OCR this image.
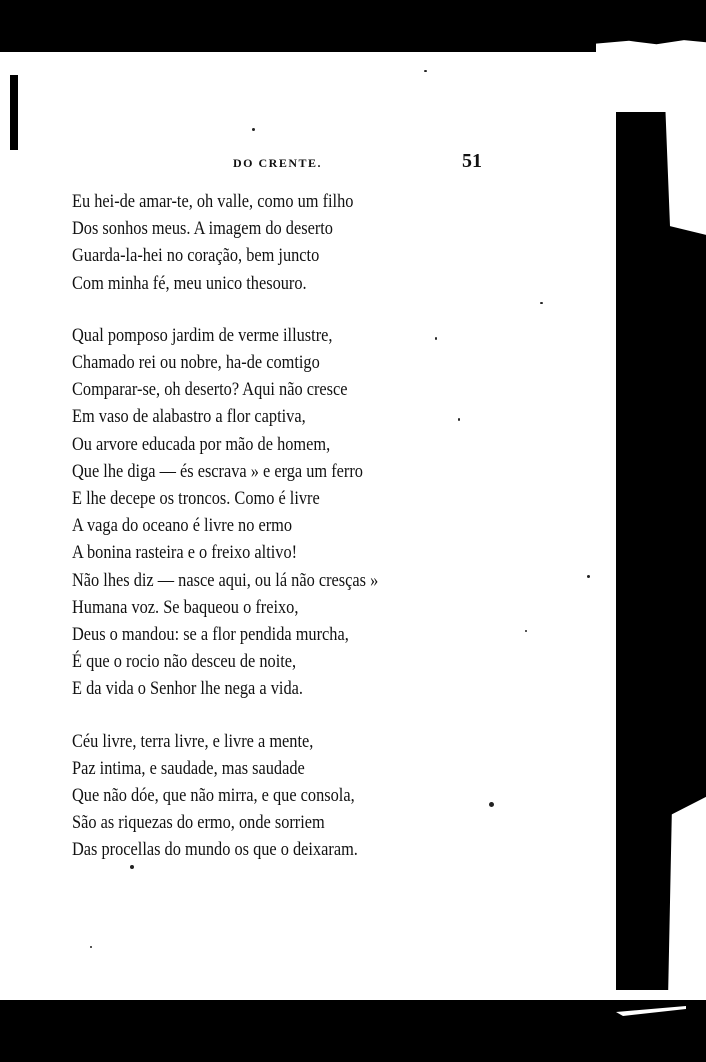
DO CRENTE.	51
Eu hei-de amar-te, oh valle, como um filho
Dos sonhos meus. A imagem do deserto
Guarda-la-hei no coração, bem juncto
Com minha fé, meu unico thesouro.
Qual pomposo jardim de verme illustre,
Chamado rei ou nobre, ha-de comtigo
Comparar-se, oh deserto? Aqui não cresce
Em vaso de alabastro a flor captiva,
Ou arvore educada por mão de homem,
Que lhe diga — és escrava » e erga um ferro
E lhe decepe os troncos. Como é livre
A vaga do oceano é livre no ermo
A bonina rasteira e o freixo altivo!
Não lhes diz — nasce aqui, ou lá não cresças »
Humana voz. Se baqueou o freixo,
Deus o mandou: se a flor pendida murcha,
É que o rocio não desceu de noite,
E da vida o Senhor lhe nega a vida.
Céu livre, terra livre, e livre a mente,
Paz intima, e saudade, mas saudade
Que não dóe, que não mirra, e que consola,
São as riquezas do ermo, onde sorriem
Das procellas do mundo os que o deixaram.
